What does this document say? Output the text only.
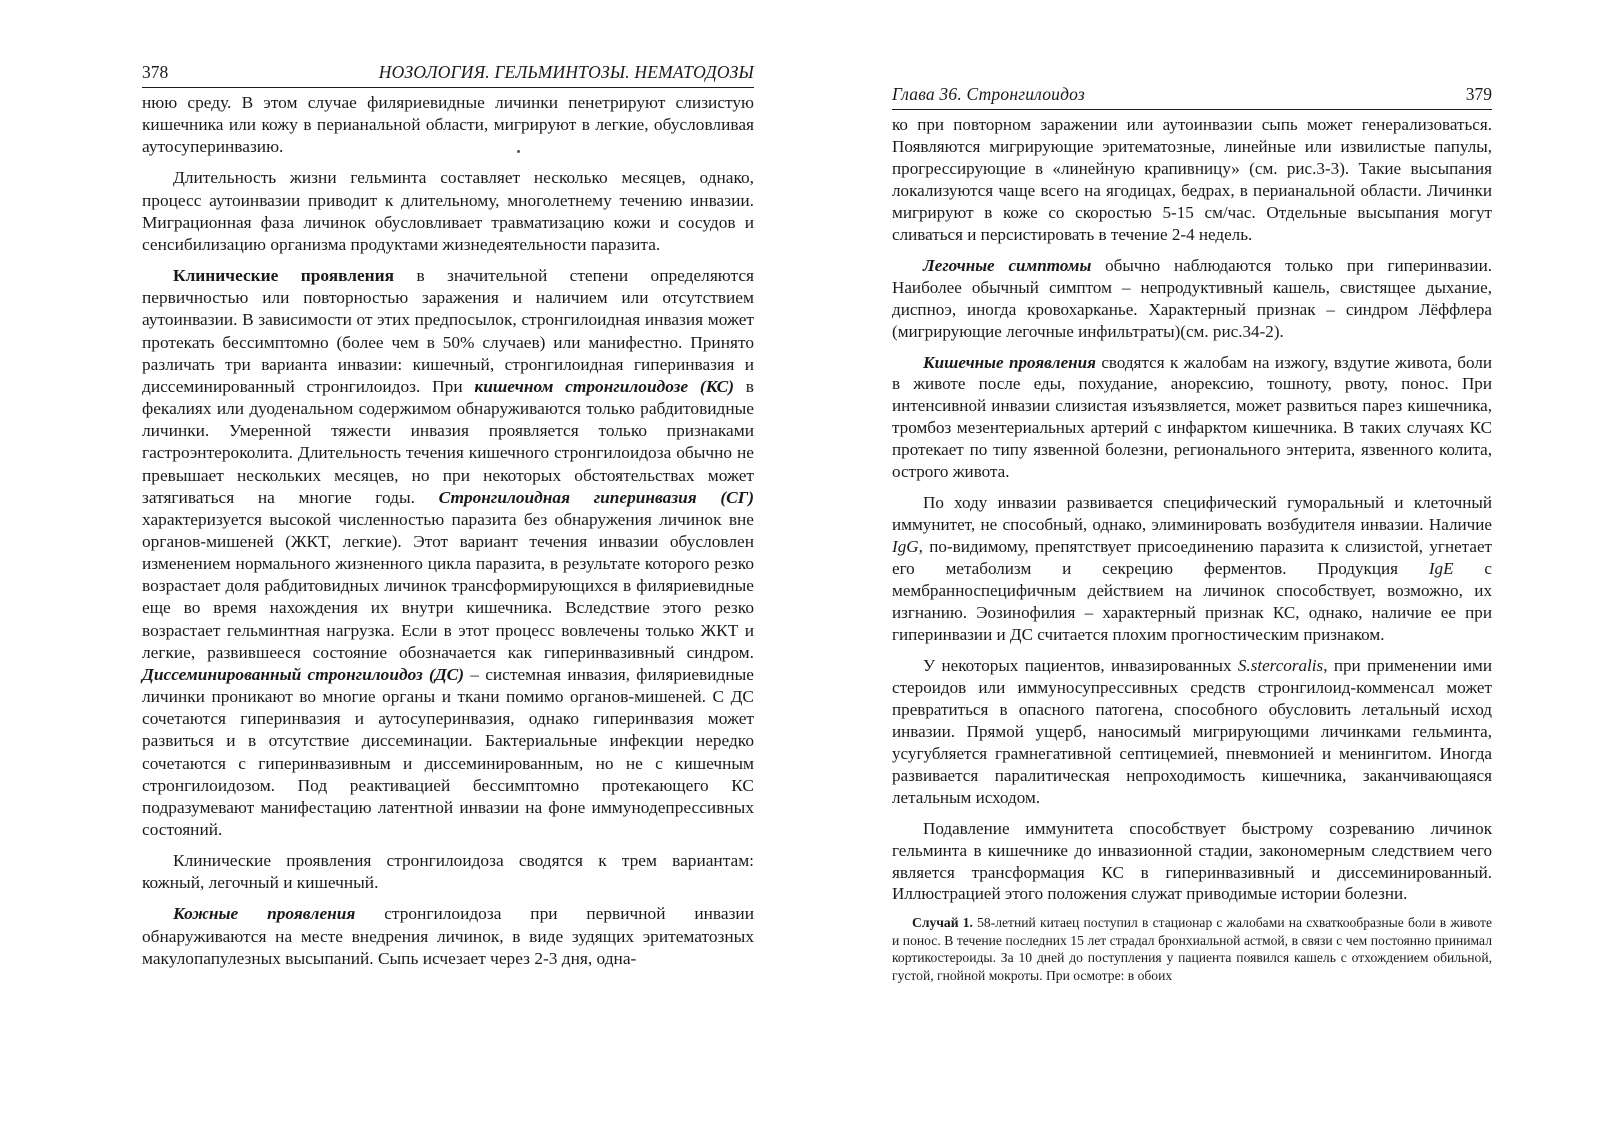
378	НОЗОЛОГИЯ. ГЕЛЬМИНТОЗЫ. НЕМАТОДОЗЫ

нюю среду. В этом случае филяриевидные личинки пенетрируют слизистую кишечника или кожу в перианальной области, мигрируют в легкие, обусловливая аутосуперинвазию.

Длительность жизни гельминта составляет несколько месяцев, однако, процесс аутоинвазии приводит к длительному, многолетнему течению инвазии. Миграционная фаза личинок обусловливает травматизацию кожи и сосудов и сенсибилизацию организма продуктами жизнедеятельности паразита.

Клинические проявления в значительной степени определяются первичностью или повторностью заражения и наличием или отсутствием аутоинвазии. В зависимости от этих предпосылок, стронгилоидная инвазия может протекать бессимптомно (более чем в 50% случаев) или манифестно. Принято различать три варианта инвазии: кишечный, стронгилоидная гиперинвазия и диссеминированный стронгилоидоз. При кишечном стронгилоидозе (КС) в фекалиях или дуоденальном содержимом обнаруживаются только рабдитовидные личинки. Умеренной тяжести инвазия проявляется только признаками гастроэнтероколита. Длительность течения кишечного стронгилоидоза обычно не превышает нескольких месяцев, но при некоторых обстоятельствах может затягиваться на многие годы. Стронгилоидная гиперинвазия (СГ) характеризуется высокой численностью паразита без обнаружения личинок вне органов-мишеней (ЖКТ, легкие). Этот вариант течения инвазии обусловлен изменением нормального жизненного цикла паразита, в результате которого резко возрастает доля рабдитовидных личинок трансформирующихся в филяриевидные еще во время нахождения их внутри кишечника. Вследствие этого резко возрастает гельминтная нагрузка. Если в этот процесс вовлечены только ЖКТ и легкие, развившееся состояние обозначается как гиперинвазивный синдром. Диссеминированный стронгилоидоз (ДС) – системная инвазия, филяриевидные личинки проникают во многие органы и ткани помимо органов-мишеней. С ДС сочетаются гиперинвазия и аутосуперинвазия, однако гиперинвазия может развиться и в отсутствие диссеминации. Бактериальные инфекции нередко сочетаются с гиперинвазивным и диссеминированным, но не с кишечным стронгилоидозом. Под реактивацией бессимптомно протекающего КС подразумевают манифестацию латентной инвазии на фоне иммунодепрессивных состояний.

Клинические проявления стронгилоидоза сводятся к трем вариантам: кожный, легочный и кишечный.

Кожные проявления стронгилоидоза при первичной инвазии обнаруживаются на месте внедрения личинок, в виде зудящих эритематозных макулопапулезных высыпаний. Сыпь исчезает через 2-3 дня, одна-

Глава 36. Стронгилоидоз	379

ко при повторном заражении или аутоинвазии сыпь может генерализоваться. Появляются мигрирующие эритематозные, линейные или извилистые папулы, прогрессирующие в «линейную крапивницу» (см. рис.3-3). Такие высыпания локализуются чаще всего на ягодицах, бедрах, в перианальной области. Личинки мигрируют в коже со скоростью 5-15 см/час. Отдельные высыпания могут сливаться и персистировать в течение 2-4 недель.

Легочные симптомы обычно наблюдаются только при гиперинвазии. Наиболее обычный симптом – непродуктивный кашель, свистящее дыхание, диспноэ, иногда кровохарканье. Характерный признак – синдром Лёффлера (мигрирующие легочные инфильтраты)(см. рис.34-2).

Кишечные проявления сводятся к жалобам на изжогу, вздутие живота, боли в животе после еды, похудание, анорексию, тошноту, рвоту, понос. При интенсивной инвазии слизистая изъязвляется, может развиться парез кишечника, тромбоз мезентериальных артерий с инфарктом кишечника. В таких случаях КС протекает по типу язвенной болезни, регионального энтерита, язвенного колита, острого живота.

По ходу инвазии развивается специфический гуморальный и клеточный иммунитет, не способный, однако, элиминировать возбудителя инвазии. Наличие IgG, по-видимому, препятствует присоединению паразита к слизистой, угнетает его метаболизм и секрецию ферментов. Продукция IgE с мембранноспецифичным действием на личинок способствует, возможно, их изгнанию. Эозинофилия – характерный признак КС, однако, наличие ее при гиперинвазии и ДС считается плохим прогностическим признаком.

У некоторых пациентов, инвазированных S.stercoralis, при применении ими стероидов или иммуносупрессивных средств стронгилоид-комменсал может превратиться в опасного патогена, способного обусловить летальный исход инвазии. Прямой ущерб, наносимый мигрирующими личинками гельминта, усугубляется грамнегативной септицемией, пневмонией и менингитом. Иногда развивается паралитическая непроходимость кишечника, заканчивающаяся летальным исходом.

Подавление иммунитета способствует быстрому созреванию личинок гельминта в кишечнике до инвазионной стадии, закономерным следствием чего является трансформация КС в гиперинвазивный и диссеминированный. Иллюстрацией этого положения служат приводимые истории болезни.

Случай 1. 58-летний китаец поступил в стационар с жалобами на схваткообразные боли в животе и понос. В течение последних 15 лет страдал бронхиальной астмой, в связи с чем постоянно принимал кортикостероиды. За 10 дней до поступления у пациента появился кашель с отхождением обильной, густой, гнойной мокроты. При осмотре: в обоих
